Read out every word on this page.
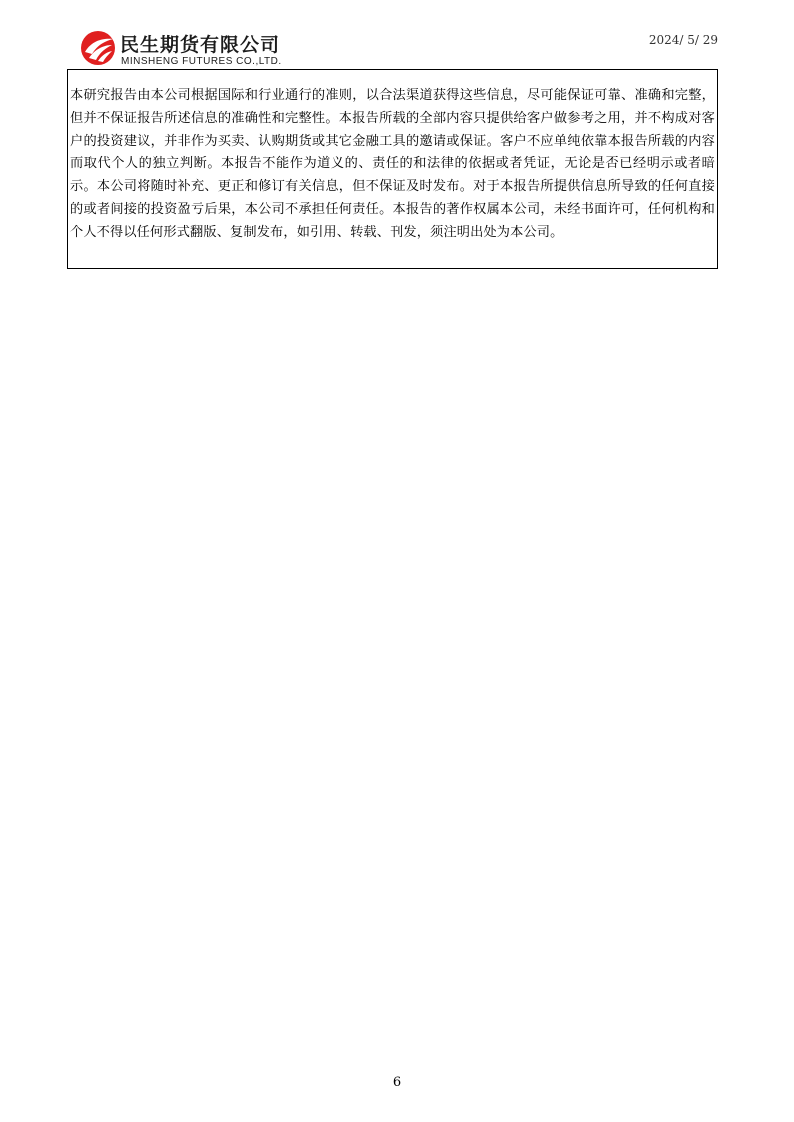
民生期货有限公司
MINSHENG FUTURES CO.,LTD.
2024/ 5/ 29

本研究报告由本公司根据国际和行业通行的准则，以合法渠道获得这些信息，尽可能保证可靠、准确和完整，但并不保证报告所述信息的准确性和完整性。本报告所载的全部内容只提供给客户做参考之用，并不构成对客户的投资建议，并非作为买卖、认购期货或其它金融工具的邀请或保证。客户不应单纯依靠本报告所载的内容而取代个人的独立判断。本报告不能作为道义的、责任的和法律的依据或者凭证，无论是否已经明示或者暗示。本公司将随时补充、更正和修订有关信息，但不保证及时发布。对于本报告所提供信息所导致的任何直接的或者间接的投资盈亏后果，本公司不承担任何责任。本报告的著作权属本公司，未经书面许可，任何机构和个人不得以任何形式翻版、复制发布，如引用、转载、刊发，须注明出处为本公司。

6
